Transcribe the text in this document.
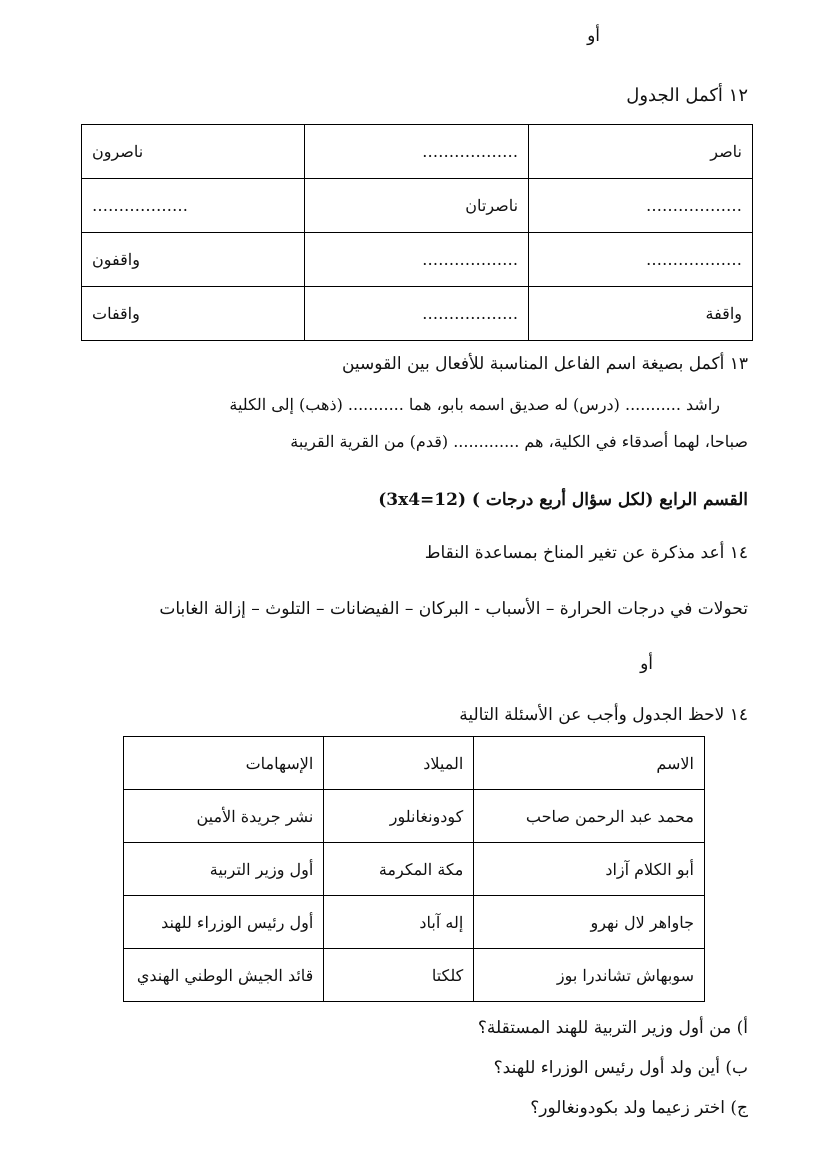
أو
١٢ أكمل الجدول
ناصر	………………	ناصرون
………………	ناصرتان	………………
………………	………………	واقفون
واقفة	………………	واقفات
١٣ أكمل بصيغة اسم الفاعل المناسبة للأفعال بين القوسين
راشد ........... (درس) له صديق اسمه بابو، هما ........... (ذهب) إلى الكلية
صباحا، لهما أصدقاء في الكلية، هم ............. (قدم) من القرية القريبة
القسم الرابع (لكل سؤال أربع درجات ) (3x4=12)
١٤ أعد مذكرة عن تغير المناخ بمساعدة النقاط
تحولات في درجات الحرارة – الأسباب - البركان – الفيضانات – التلوث – إزالة الغابات
أو
١٤ لاحظ الجدول وأجب عن الأسئلة التالية
الاسم	الميلاد	الإسهامات
محمد عبد الرحمن صاحب	كودونغانلور	نشر جريدة الأمين
أبو الكلام آزاد	مكة المكرمة	أول وزير التربية
جاواهر لال نهرو	إله آباد	أول رئيس الوزراء للهند
سوبهاش تشاندرا بوز	كلكتا	قائد الجيش الوطني الهندي
أ) من أول وزير التربية للهند المستقلة؟
ب) أين ولد أول رئيس الوزراء للهند؟
ج) اختر زعيما ولد بكودونغالور؟
